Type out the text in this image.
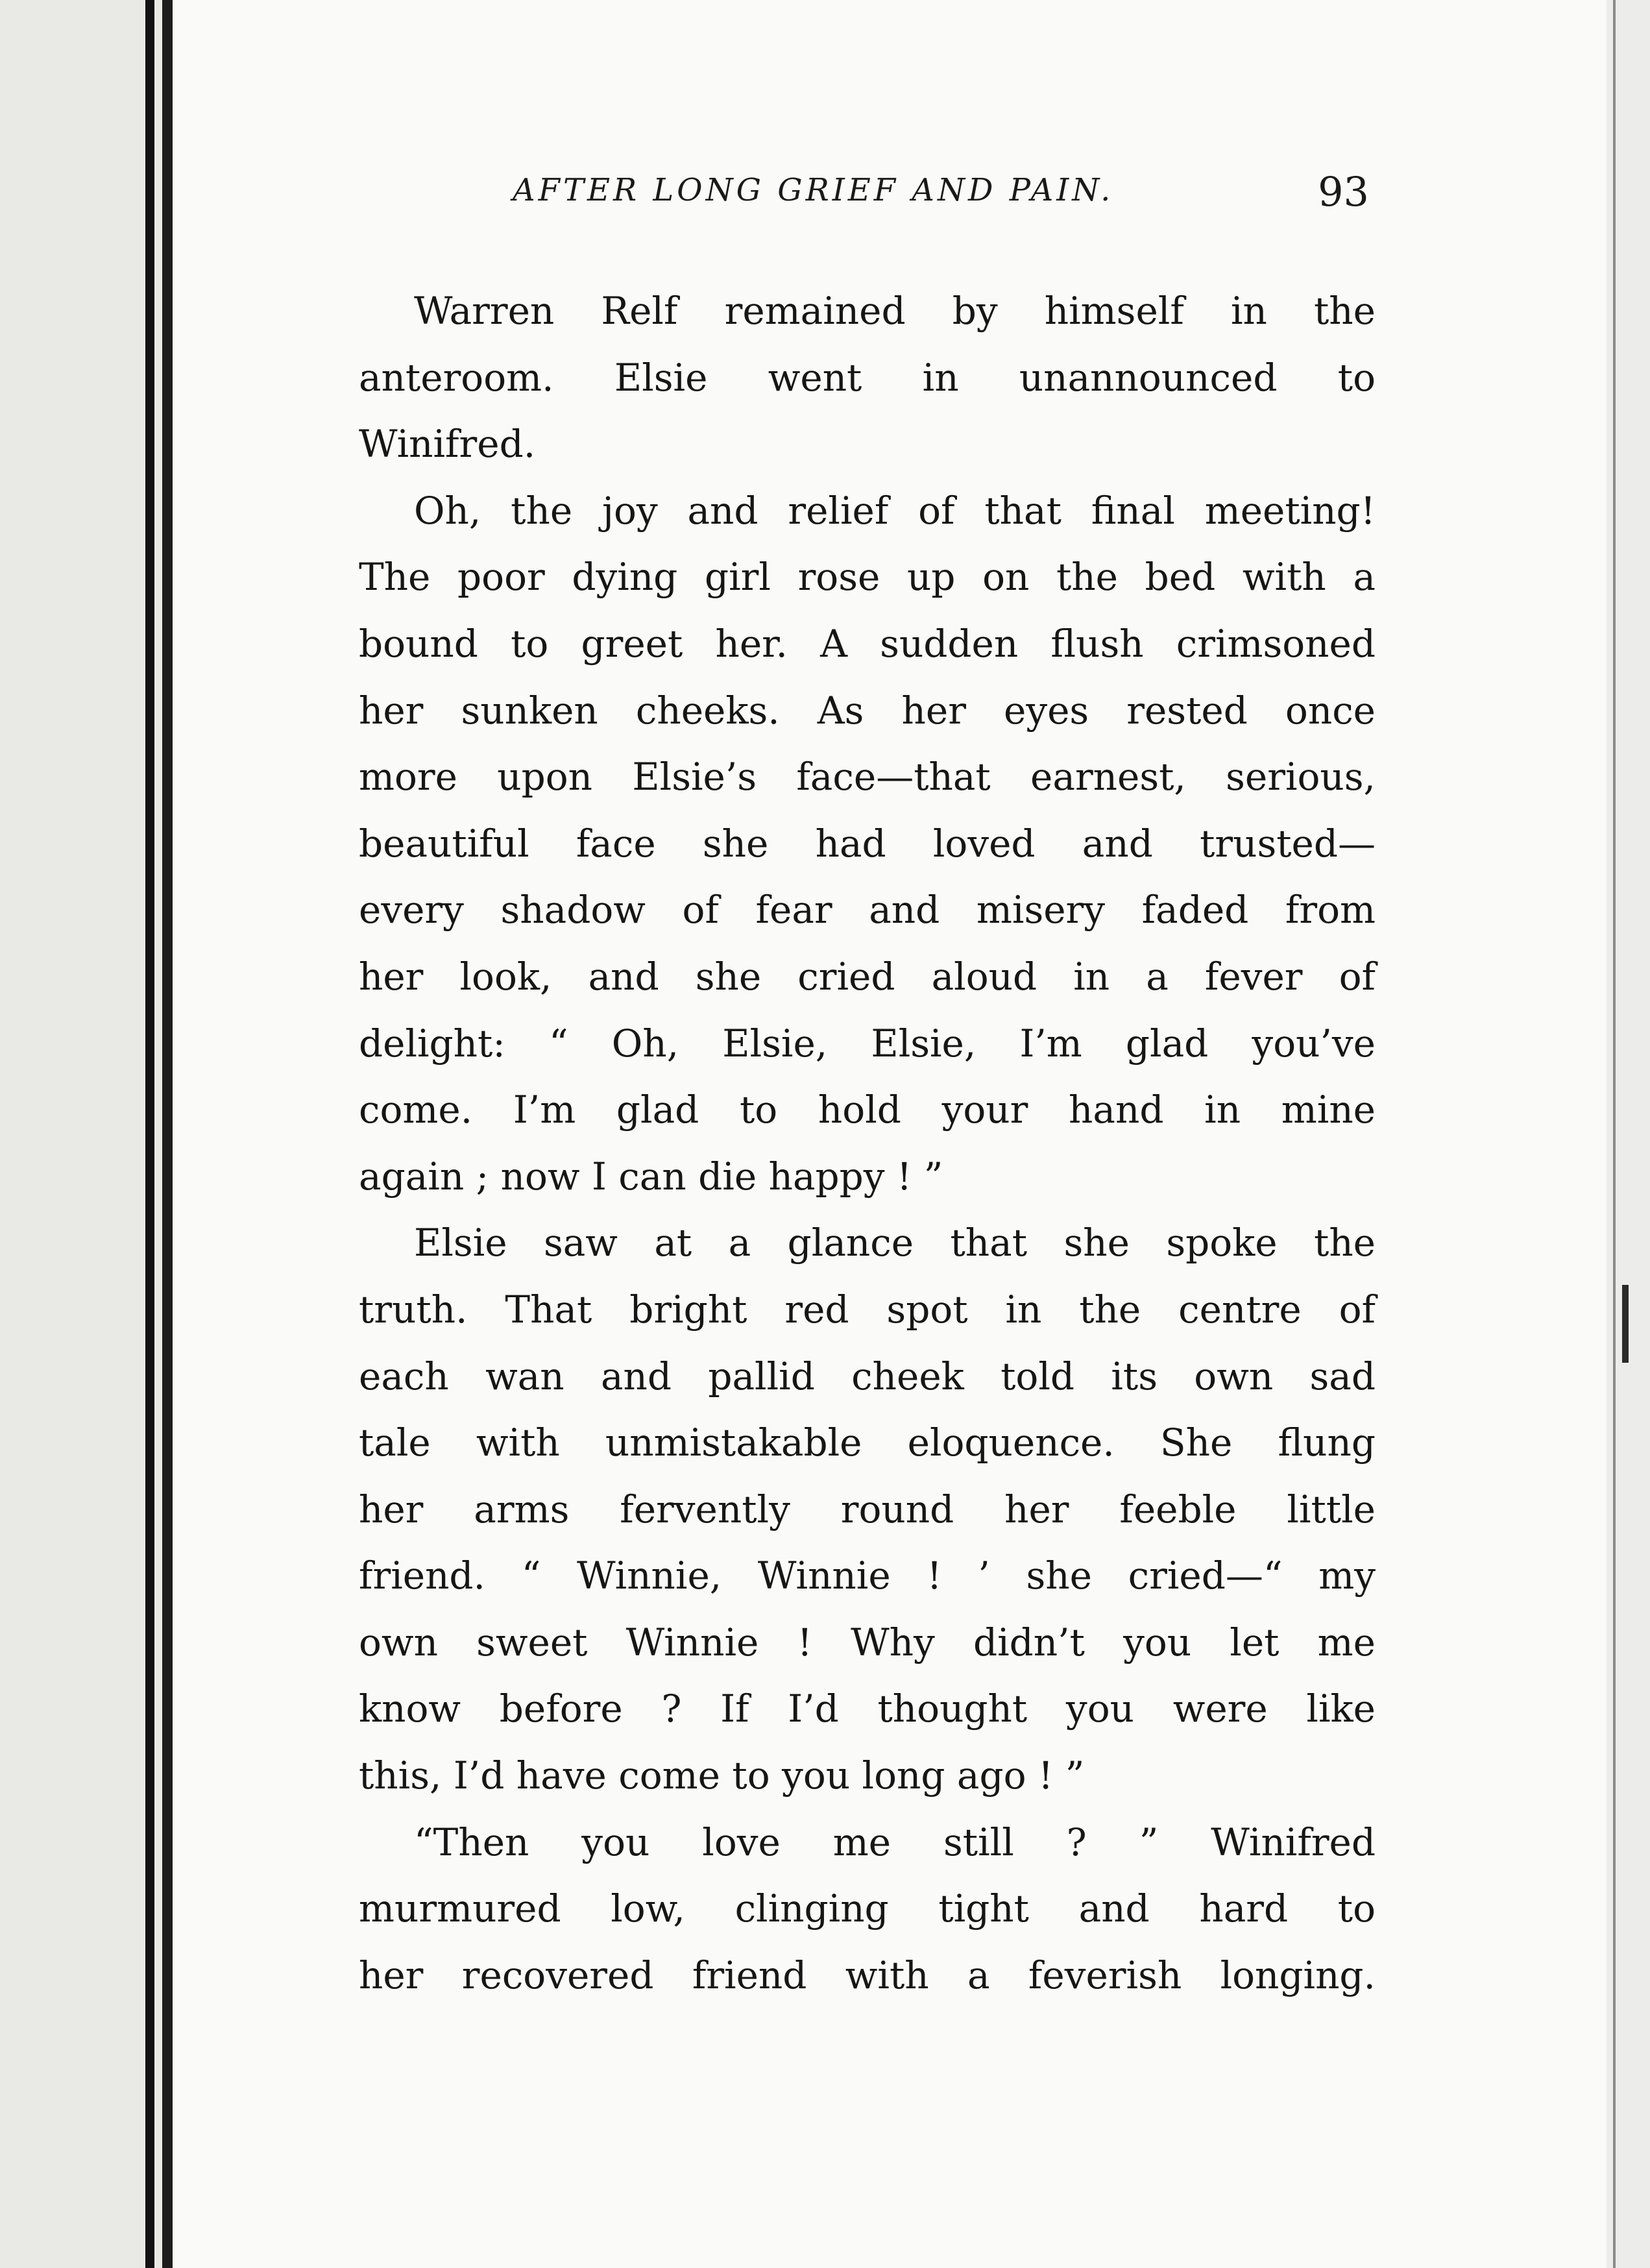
AFTER LONG GRIEF AND PAIN.	93
Warren Relf remained by himself in the
anteroom. Elsie went in unannounced to
Winifred.
Oh, the joy and relief of that final meeting!
The poor dying girl rose up on the bed with a
bound to greet her. A sudden flush crimsoned
her sunken cheeks. As her eyes rested once
more upon Elsie’s face—that earnest, serious,
beautiful face she had loved and trusted—
every shadow of fear and misery faded from
her look, and she cried aloud in a fever of
delight: “ Oh, Elsie, Elsie, I’m glad you’ve
come. I’m glad to hold your hand in mine
again ; now I can die happy ! ”
Elsie saw at a glance that she spoke the
truth. That bright red spot in the centre of
each wan and pallid cheek told its own sad
tale with unmistakable eloquence. She flung
her arms fervently round her feeble little
friend. “ Winnie, Winnie ! ’ she cried—“ my
own sweet Winnie ! Why didn’t you let me
know before ? If I’d thought you were like
this, I’d have come to you long ago ! ”
“Then you love me still ? ” Winifred
murmured low, clinging tight and hard to
her recovered friend with a feverish longing.
